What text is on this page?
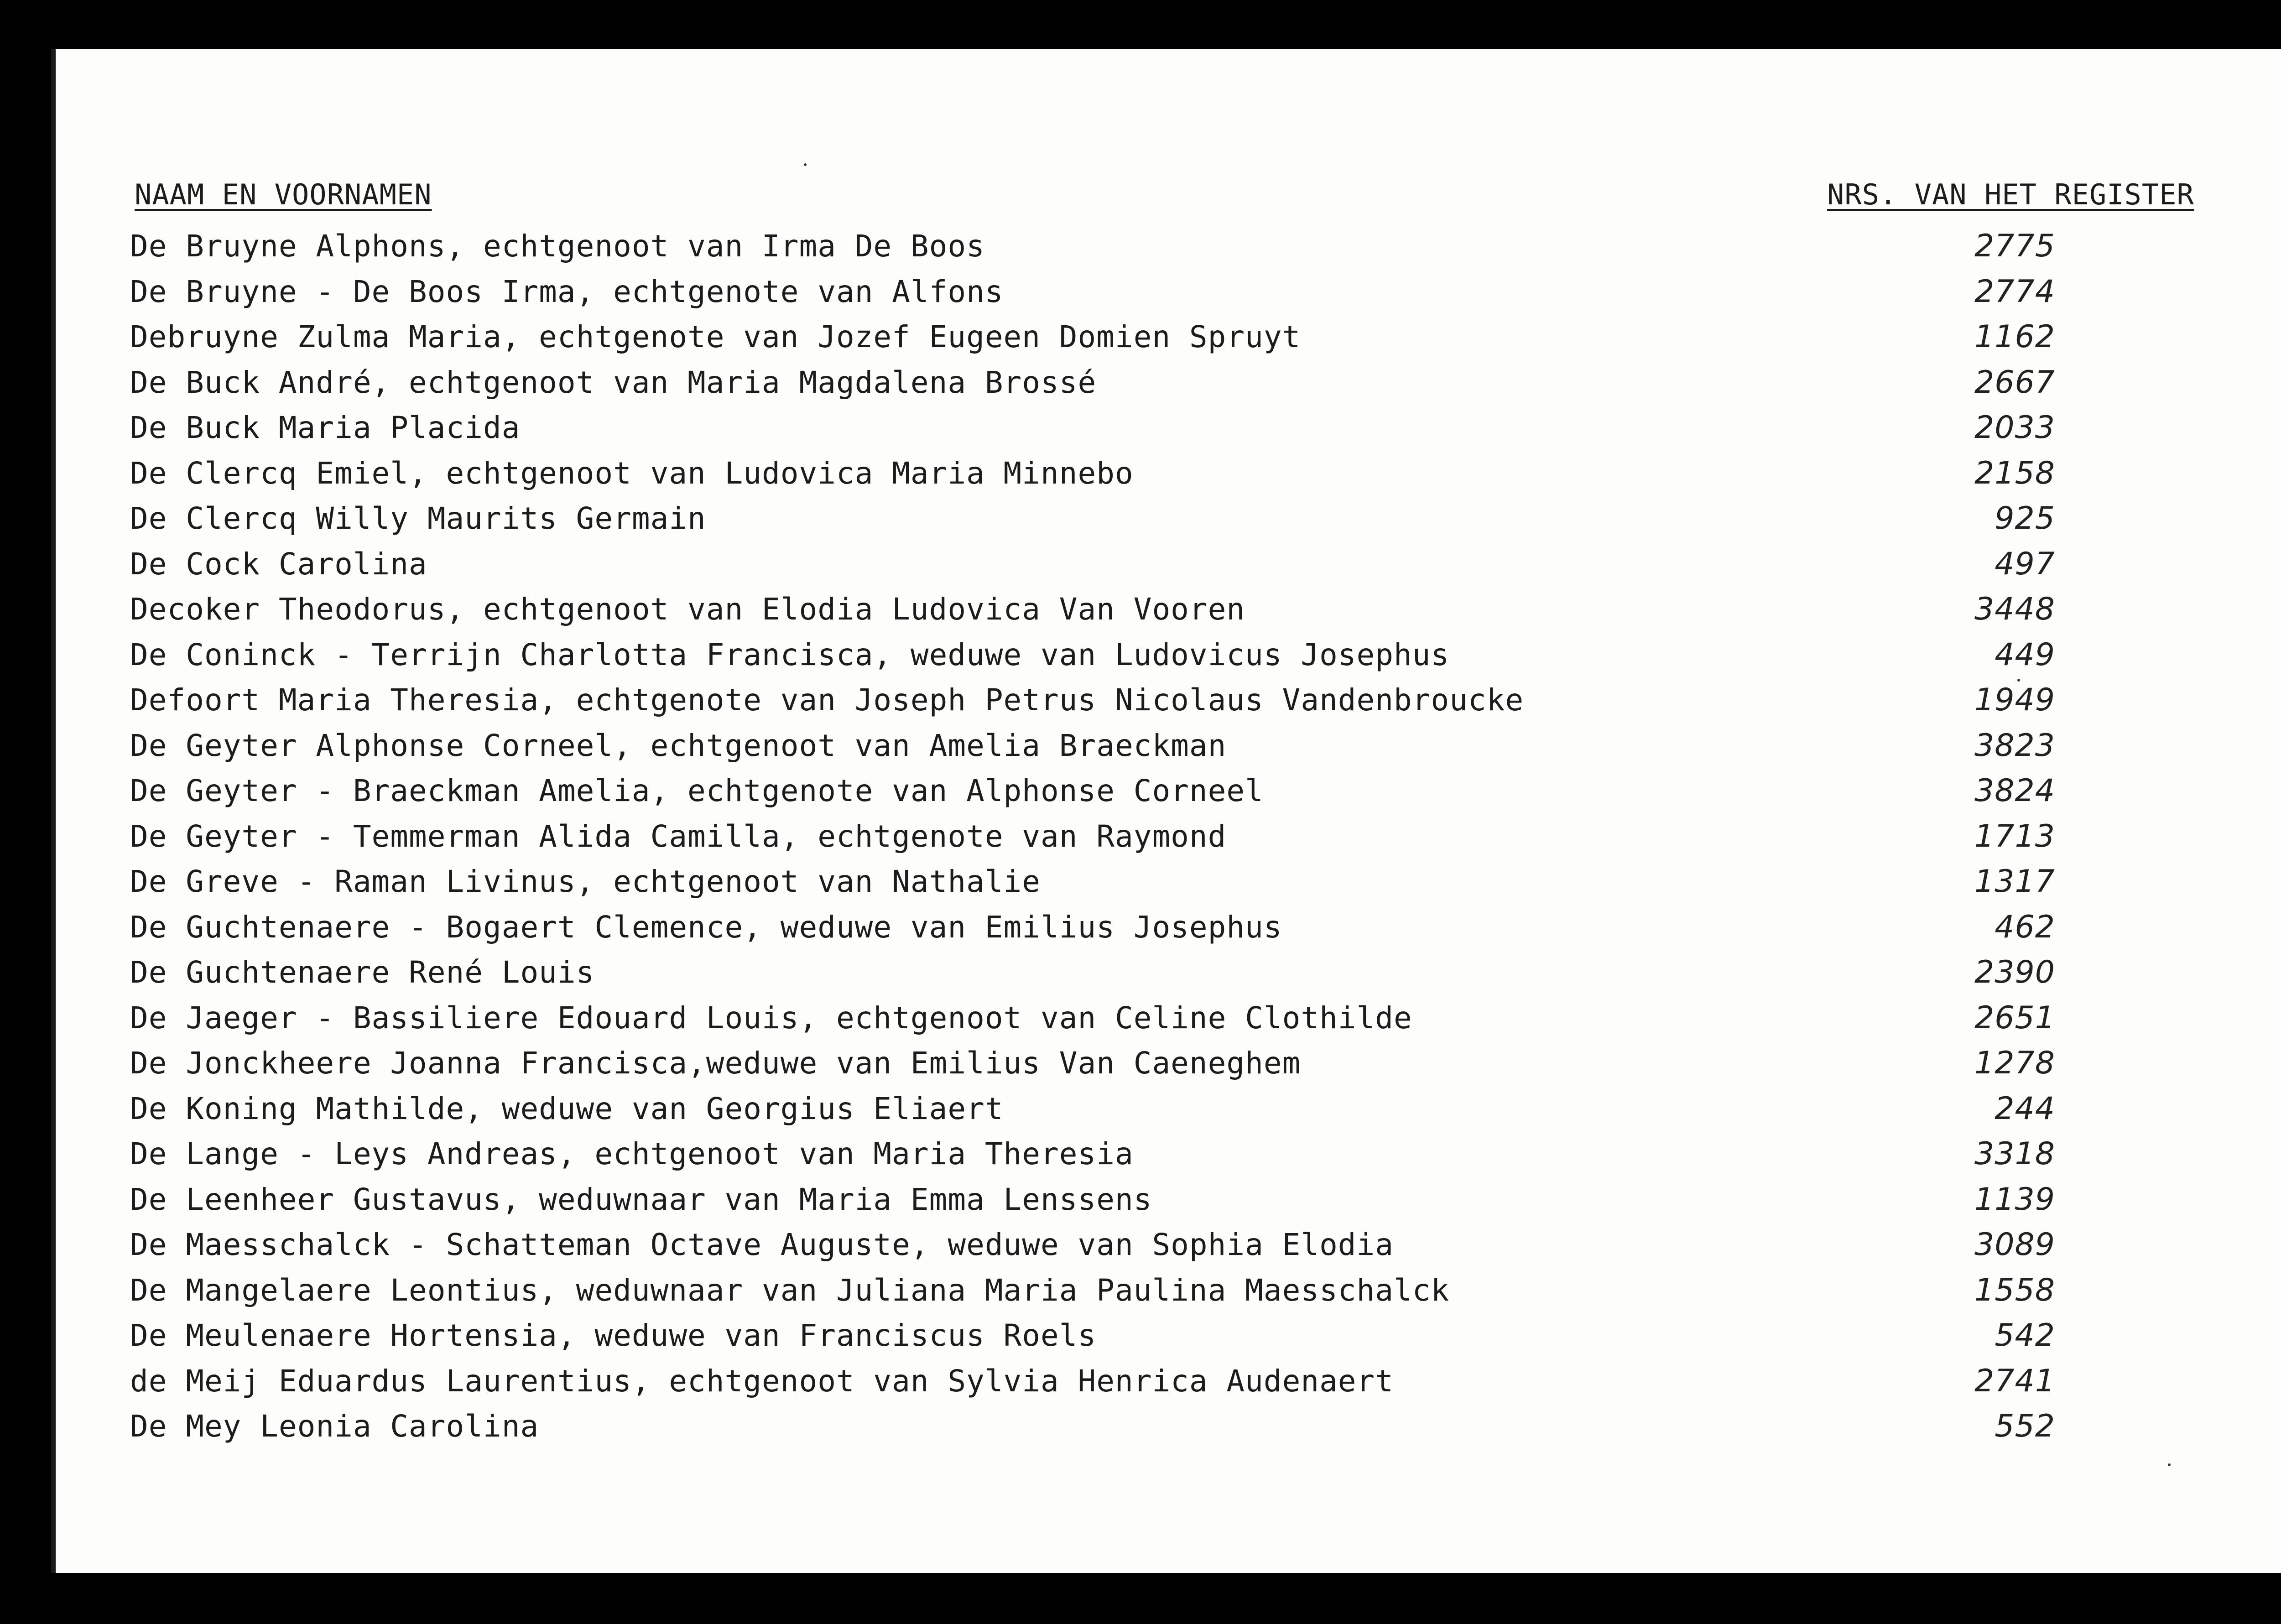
NAAM EN VOORNAMEN	NRS. VAN HET REGISTER
De Bruyne Alphons, echtgenoot van Irma De Boos	2775
De Bruyne - De Boos Irma, echtgenote van Alfons	2774
Debruyne Zulma Maria, echtgenote van Jozef Eugeen Domien Spruyt	1162
De Buck André, echtgenoot van Maria Magdalena Brossé	2667
De Buck Maria Placida	2033
De Clercq Emiel, echtgenoot van Ludovica Maria Minnebo	2158
De Clercq Willy Maurits Germain	925
De Cock Carolina	497
Decoker Theodorus, echtgenoot van Elodia Ludovica Van Vooren	3448
De Coninck - Terrijn Charlotta Francisca, weduwe van Ludovicus Josephus	449
Defoort Maria Theresia, echtgenote van Joseph Petrus Nicolaus Vandenbroucke	1949
De Geyter Alphonse Corneel, echtgenoot van Amelia Braeckman	3823
De Geyter - Braeckman Amelia, echtgenote van Alphonse Corneel	3824
De Geyter - Temmerman Alida Camilla, echtgenote van Raymond	1713
De Greve - Raman Livinus, echtgenoot van Nathalie	1317
De Guchtenaere - Bogaert Clemence, weduwe van Emilius Josephus	462
De Guchtenaere René Louis	2390
De Jaeger - Bassiliere Edouard Louis, echtgenoot van Celine Clothilde	2651
De Jonckheere Joanna Francisca,weduwe van Emilius Van Caeneghem	1278
De Koning Mathilde, weduwe van Georgius Eliaert	244
De Lange - Leys Andreas, echtgenoot van Maria Theresia	3318
De Leenheer Gustavus, weduwnaar van Maria Emma Lenssens	1139
De Maesschalck - Schatteman Octave Auguste, weduwe van Sophia Elodia	3089
De Mangelaere Leontius, weduwnaar van Juliana Maria Paulina Maesschalck	1558
De Meulenaere Hortensia, weduwe van Franciscus Roels	542
de Meij Eduardus Laurentius, echtgenoot van Sylvia Henrica Audenaert	2741
De Mey Leonia Carolina	552
